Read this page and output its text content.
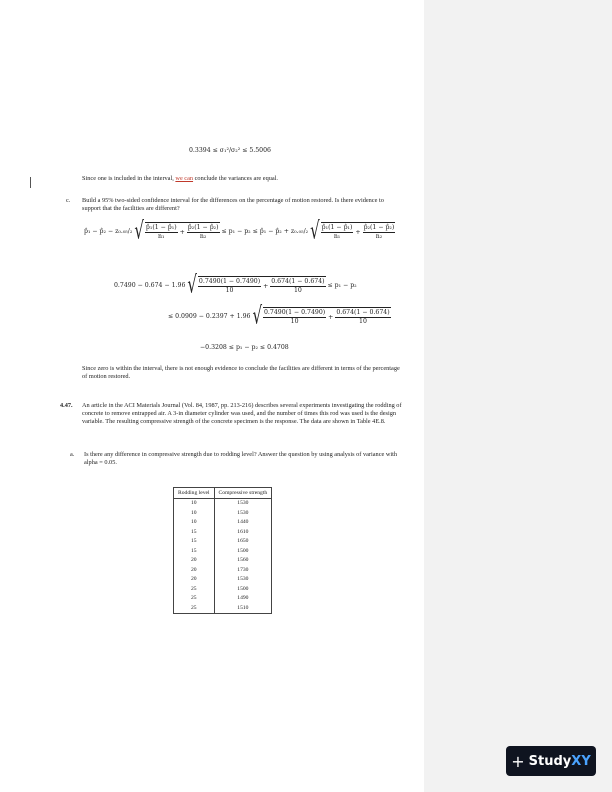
0.3394 ≤ σ₁²/σ₂² ≤ 5.5006
Since one is included in the interval, we can conclude the variances are equal.
c. Build a 95% two-sided confidence interval for the differences on the percentage of motion restored. Is there evidence to support that the facilities are different?
p̂₁ − p̂₂ − z₀.₀₅/₂ √ $\frac{\text{p̂₁(1 − p̂₁)}}{\text{n₁}} + \frac{\text{p̂₂(1 − p̂₂)}}{\text{n₂}} \le p_1 - p_2$ ≤ p̂₁ − p̂₂ + z₀.₀₅/₂ √ $\frac{\text{p̂₁(1 − p̂₁)}}{\text{n₁}} + \frac{\text{p̂₂(1 − p̂₂)}}{\text{n₂}}$
0.7490 − 0.674 − 1.96 √ $\frac{0.7490(1 - 0.7490)}{10} + \frac{0.674(1 - 0.674)}{10} \le p_1 - p_2$
≤ 0.0909 − 0.2397 + 1.96 √ $\frac{0.7490(1 - 0.7490)}{10} + \frac{0.674(1 - 0.674)}{10}$
−0.3208 ≤ p₁ − p₂ ≤ 0.4708
Since zero is within the interval, there is not enough evidence to conclude the facilities are different in terms of the percentage of motion restored.
4.47. An article in the ACI Materials Journal (Vol. 84, 1987, pp. 213-216) describes several experiments investigating the rodding of concrete to remove entrapped air. A 3-in diameter cylinder was used, and the number of times this rod was used is the design variable. The resulting compressive strength of the concrete specimen is the response. The data are shown in Table 4E.8.
a. Is there any difference in compressive strength due to rodding level? Answer the question by using analysis of variance with alpha = 0.05.
Rodding level	Compressive strength
10	1530
10	1530
10	1440
15	1610
15	1650
15	1500
20	1560
20	1730
20	1530
25	1500
25	1490
25	1510
+ Study XY
